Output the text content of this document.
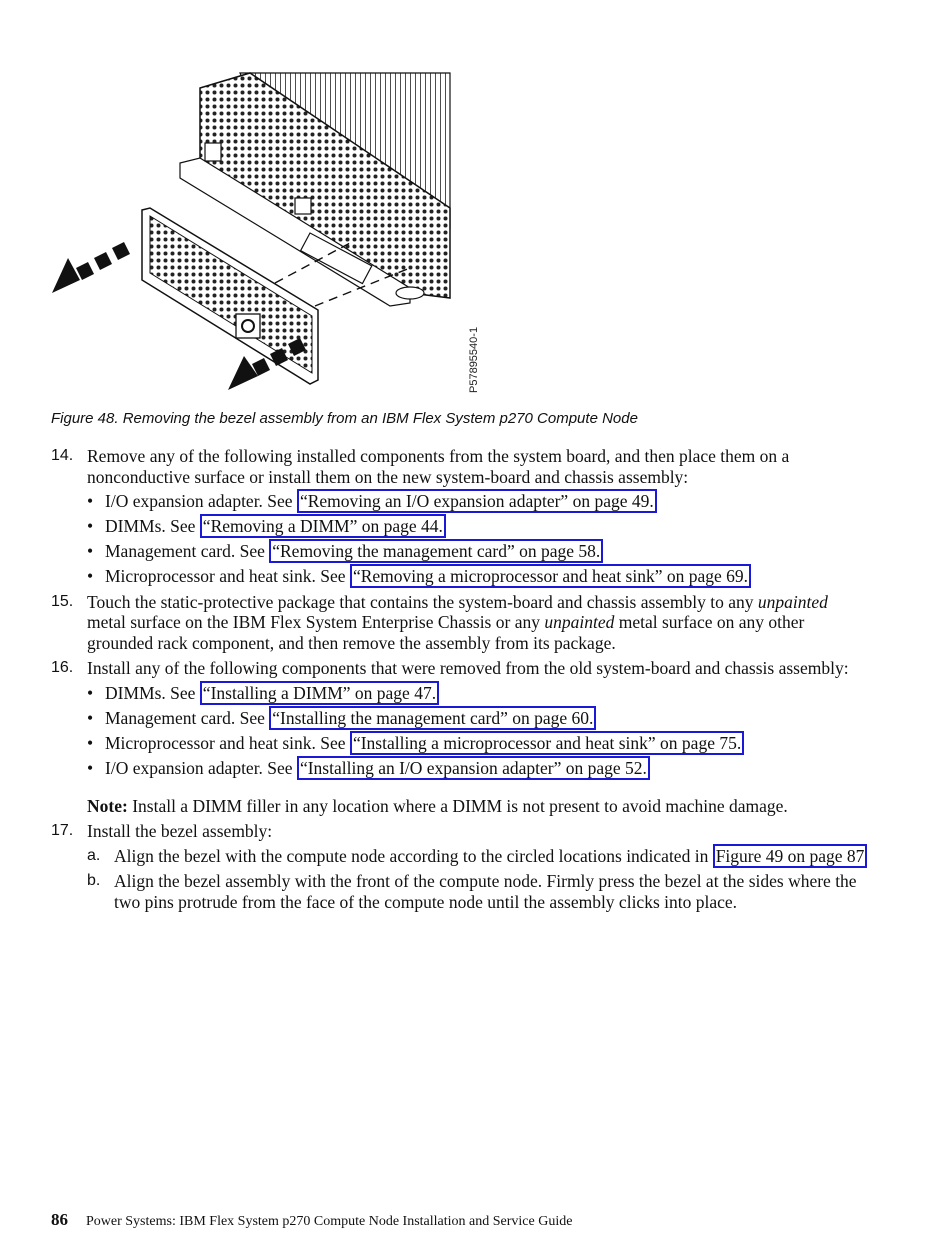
P57895540-1
Figure 48. Removing the bezel assembly from an IBM Flex System p270 Compute Node
14. Remove any of the following installed components from the system board, and then place them on a nonconductive surface or install them on the new system-board and chassis assembly:
• I/O expansion adapter. See “Removing an I/O expansion adapter” on page 49.
• DIMMs. See “Removing a DIMM” on page 44.
• Management card. See “Removing the management card” on page 58.
• Microprocessor and heat sink. See “Removing a microprocessor and heat sink” on page 69.
15. Touch the static-protective package that contains the system-board and chassis assembly to any unpainted metal surface on the IBM Flex System Enterprise Chassis or any unpainted metal surface on any other grounded rack component, and then remove the assembly from its package.
16. Install any of the following components that were removed from the old system-board and chassis assembly:
• DIMMs. See “Installing a DIMM” on page 47.
• Management card. See “Installing the management card” on page 60.
• Microprocessor and heat sink. See “Installing a microprocessor and heat sink” on page 75.
• I/O expansion adapter. See “Installing an I/O expansion adapter” on page 52.
Note: Install a DIMM filler in any location where a DIMM is not present to avoid machine damage.
17. Install the bezel assembly:
a. Align the bezel with the compute node according to the circled locations indicated in Figure 49 on page 87
b. Align the bezel assembly with the front of the compute node. Firmly press the bezel at the sides where the two pins protrude from the face of the compute node until the assembly clicks into place.
86 Power Systems: IBM Flex System p270 Compute Node Installation and Service Guide
